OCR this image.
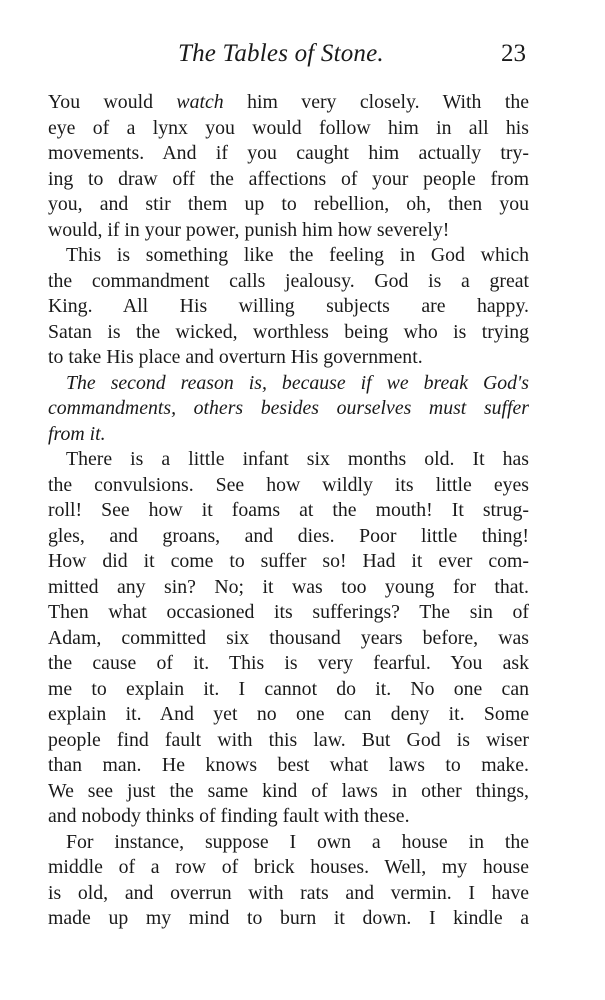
The Tables of Stone.	23
You would watch him very closely. With the
eye of a lynx you would follow him in all his
movements. And if you caught him actually try-
ing to draw off the affections of your people from
you, and stir them up to rebellion, oh, then you
would, if in your power, punish him how severely!
This is something like the feeling in God which
the commandment calls jealousy. God is a great
King. All His willing subjects are happy.
Satan is the wicked, worthless being who is trying
to take His place and overturn His government.
The second reason is, because if we break God's
commandments, others besides ourselves must suffer
from it.
There is a little infant six months old. It has
the convulsions. See how wildly its little eyes
roll! See how it foams at the mouth! It strug-
gles, and groans, and dies. Poor little thing!
How did it come to suffer so! Had it ever com-
mitted any sin? No; it was too young for that.
Then what occasioned its sufferings? The sin of
Adam, committed six thousand years before, was
the cause of it. This is very fearful. You ask
me to explain it. I cannot do it. No one can
explain it. And yet no one can deny it. Some
people find fault with this law. But God is wiser
than man. He knows best what laws to make.
We see just the same kind of laws in other things,
and nobody thinks of finding fault with these.
For instance, suppose I own a house in the
middle of a row of brick houses. Well, my house
is old, and overrun with rats and vermin. I have
made up my mind to burn it down. I kindle a
